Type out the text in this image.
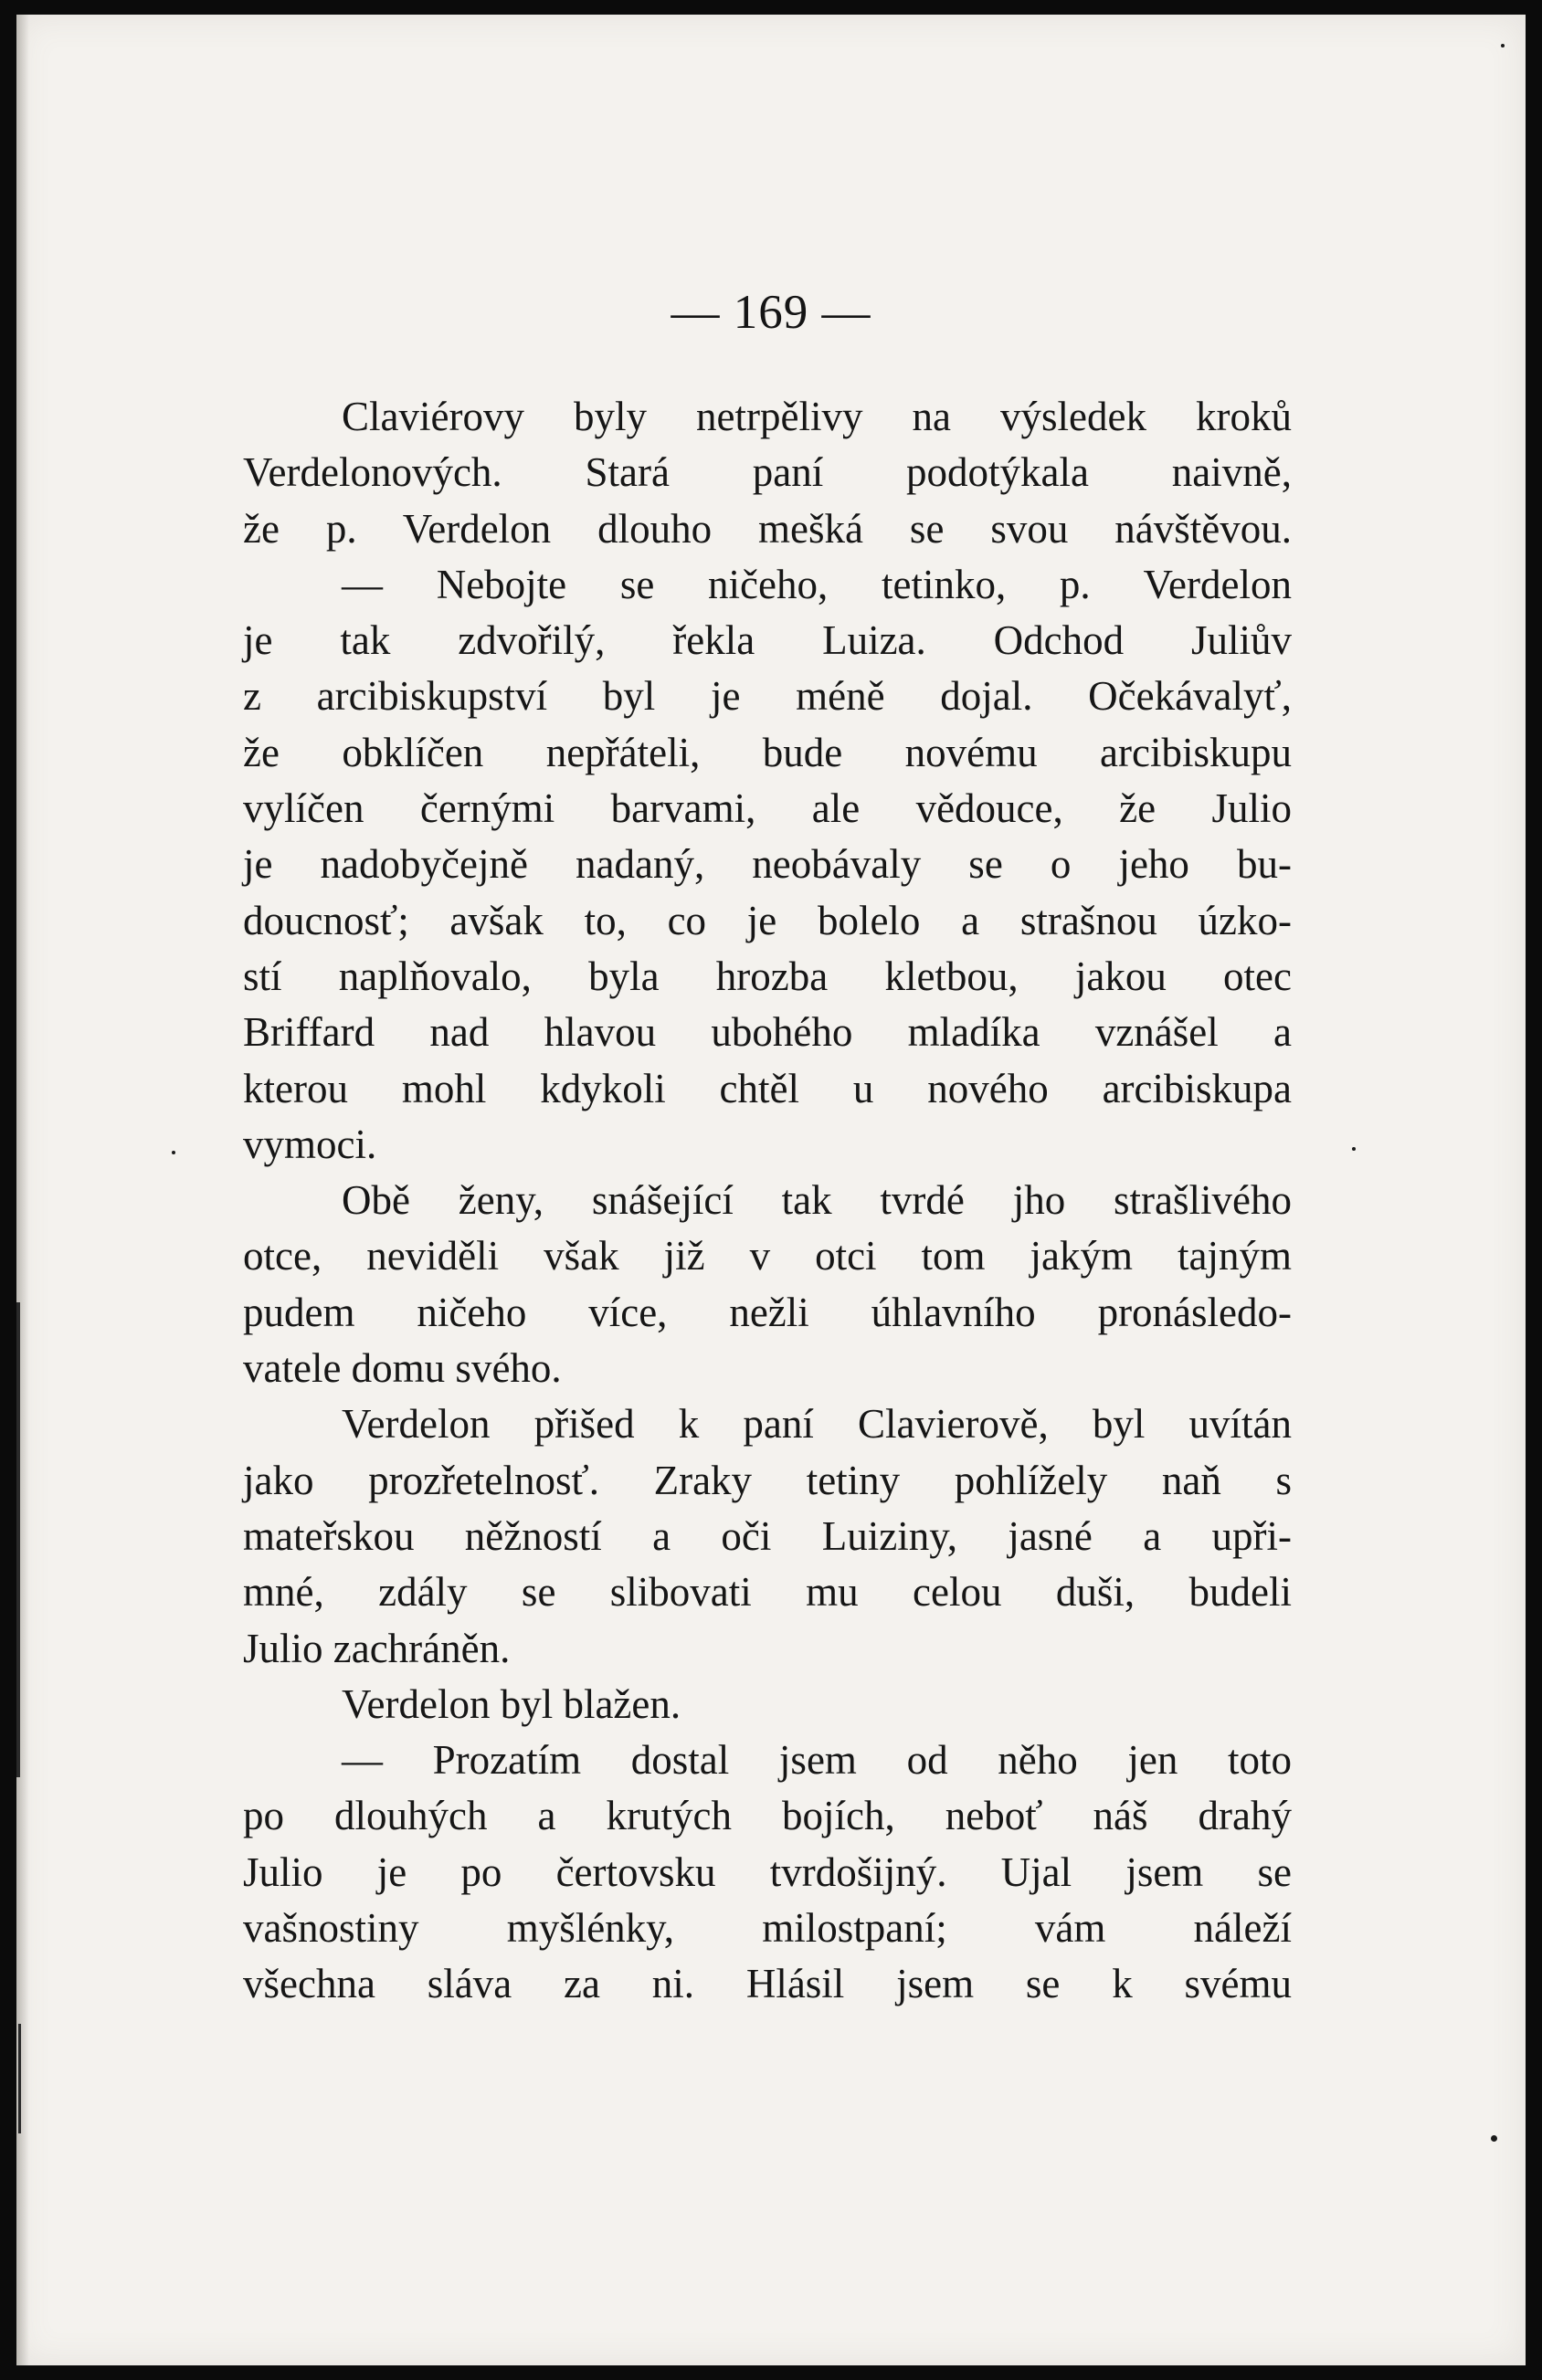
— 169 —
Claviérovy byly netrpělivy na výsledek kroků
Verdelonových. Stará paní podotýkala naivně,
že p. Verdelon dlouho mešká se svou návštěvou.
— Nebojte se ničeho, tetinko, p. Verdelon
je tak zdvořilý, řekla Luiza. Odchod Juliův
z arcibiskupství byl je méně dojal. Očekávalyť,
že obklíčen nepřáteli, bude novému arcibiskupu
vylíčen černými barvami, ale vědouce, že Julio
je nadobyčejně nadaný, neobávaly se o jeho bu-
doucnosť; avšak to, co je bolelo a strašnou úzko-
stí naplňovalo, byla hrozba kletbou, jakou otec
Briffard nad hlavou ubohého mladíka vznášel a
kterou mohl kdykoli chtěl u nového arcibiskupa
vymoci.
Obě ženy, snášející tak tvrdé jho strašlivého
otce, neviděli však již v otci tom jakým tajným
pudem ničeho více, nežli úhlavního pronásledo-
vatele domu svého.
Verdelon přišed k paní Clavierově, byl uvítán
jako prozřetelnosť. Zraky tetiny pohlížely naň s
mateřskou něžností a oči Luiziny, jasné a upři-
mné, zdály se slibovati mu celou duši, budeli
Julio zachráněn.
Verdelon byl blažen.
— Prozatím dostal jsem od něho jen toto
po dlouhých a krutých bojích, neboť náš drahý
Julio je po čertovsku tvrdošijný. Ujal jsem se
vašnostiny myšlénky, milostpaní; vám náleží
všechna sláva za ni. Hlásil jsem se k svému
